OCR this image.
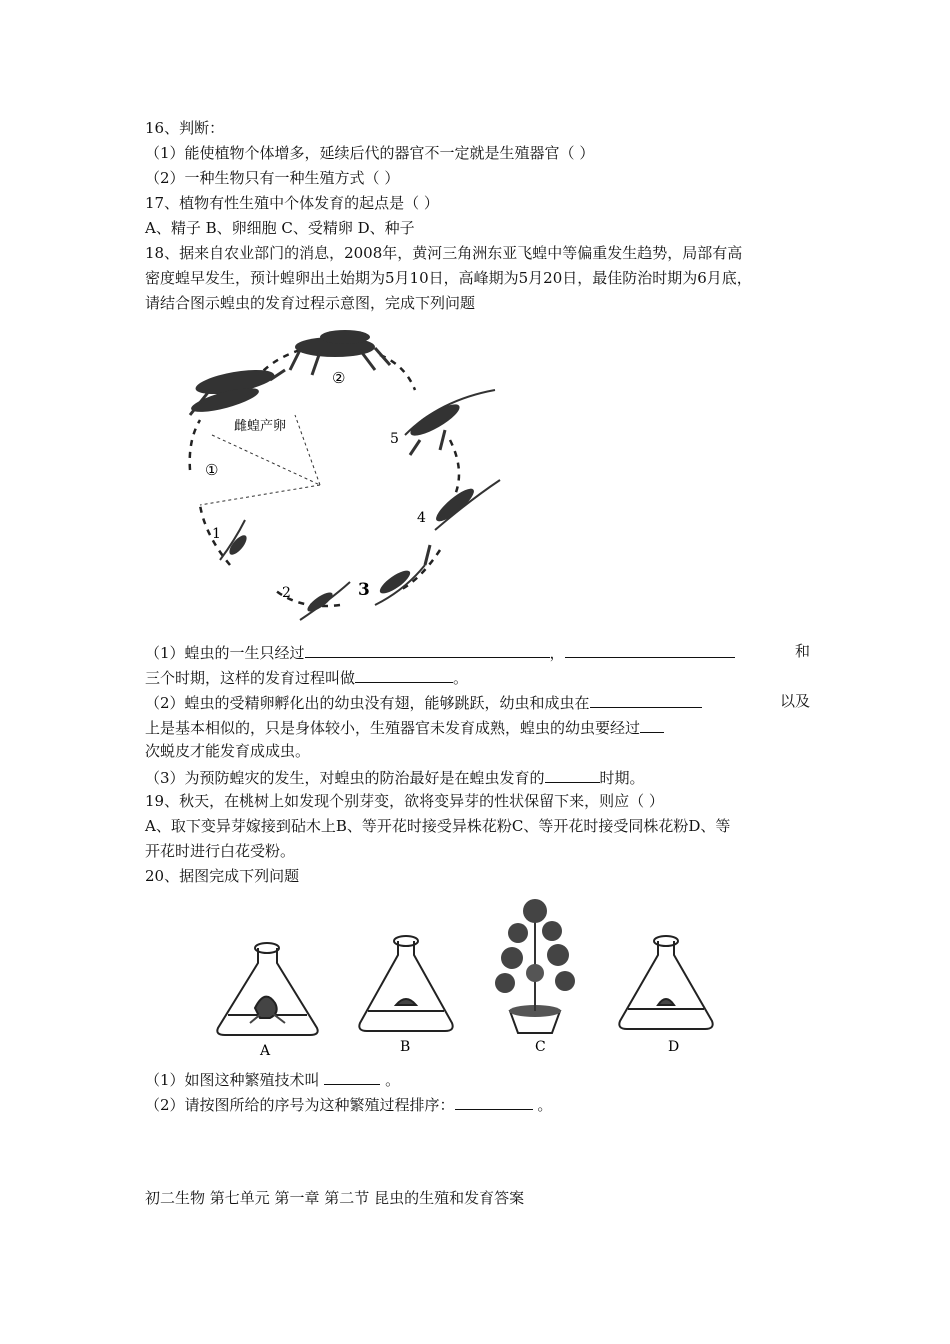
16、判断：
（1）能使植物个体增多，延续后代的器官不一定就是生殖器官（ ）
（2）一种生物只有一种生殖方式（ ）
17、植物有性生殖中个体发育的起点是（ ）
A、精子 B、卵细胞 C、受精卵 D、种子
18、据来自农业部门的消息，2008年，黄河三角洲东亚飞蝗中等偏重发生趋势，局部有高
密度蝗早发生，预计蝗卵出土始期为5月10日，高峰期为5月20日，最佳防治时期为6月底，
请结合图示蝗虫的发育过程示意图，完成下列问题
雌蝗产卵
②
①
5
4
3
2
1
（1）蝗虫的一生只经过	，	和
三个时期，这样的发育过程叫做	。
（2）蝗虫的受精卵孵化出的幼虫没有翅，能够跳跃，幼虫和成虫在	以及
上是基本相似的，只是身体较小，生殖器官未发育成熟，蝗虫的幼虫要经过
次蜕皮才能发育成成虫。
（3）为预防蝗灾的发生，对蝗虫的防治最好是在蝗虫发育的	时期。
19、秋天，在桃树上如发现个别芽变，欲将变异芽的性状保留下来，则应（ ）
A、取下变异芽嫁接到砧木上B、等开花时接受异株花粉C、等开花时接受同株花粉D、等
开花时进行白花受粉。
20、据图完成下列问题
A	B	C	D
（1）如图这种繁殖技术叫	。
（2）请按图所给的序号为这种繁殖过程排序：	。
初二生物 第七单元 第一章 第二节 昆虫的生殖和发育答案
